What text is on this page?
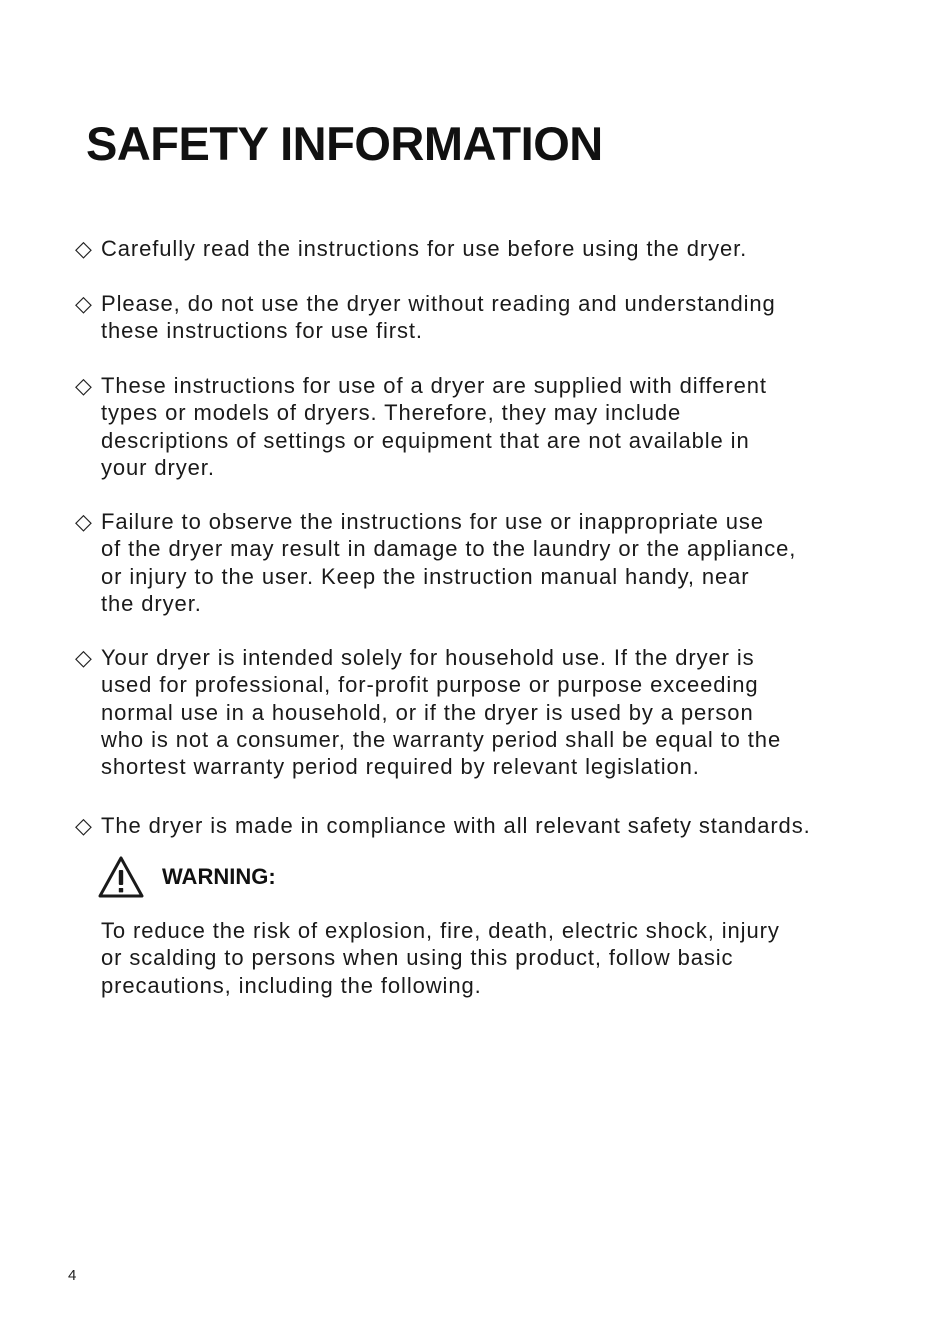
SAFETY INFORMATION
◇ Carefully read the instructions for use before using the dryer.
◇ Please, do not use the dryer without reading and understanding
these instructions for use first.
◇ These instructions for use of a dryer are supplied with different
types or models of dryers. Therefore, they may include
descriptions of settings or equipment that are not available in
your dryer.
◇ Failure to observe the instructions for use or inappropriate use
of the dryer may result in damage to the laundry or the appliance,
or injury to the user. Keep the instruction manual handy, near
the dryer.
◇ Your dryer is intended solely for household use. If the dryer is
used for professional, for-profit purpose or purpose exceeding
normal use in a household, or if the dryer is used by a person
who is not a consumer, the warranty period shall be equal to the
shortest warranty period required by relevant legislation.
◇ The dryer is made in compliance with all relevant safety standards.
WARNING:

To reduce the risk of explosion, fire, death, electric shock, injury
or scalding to persons when using this product, follow basic
precautions, including the following.

4
